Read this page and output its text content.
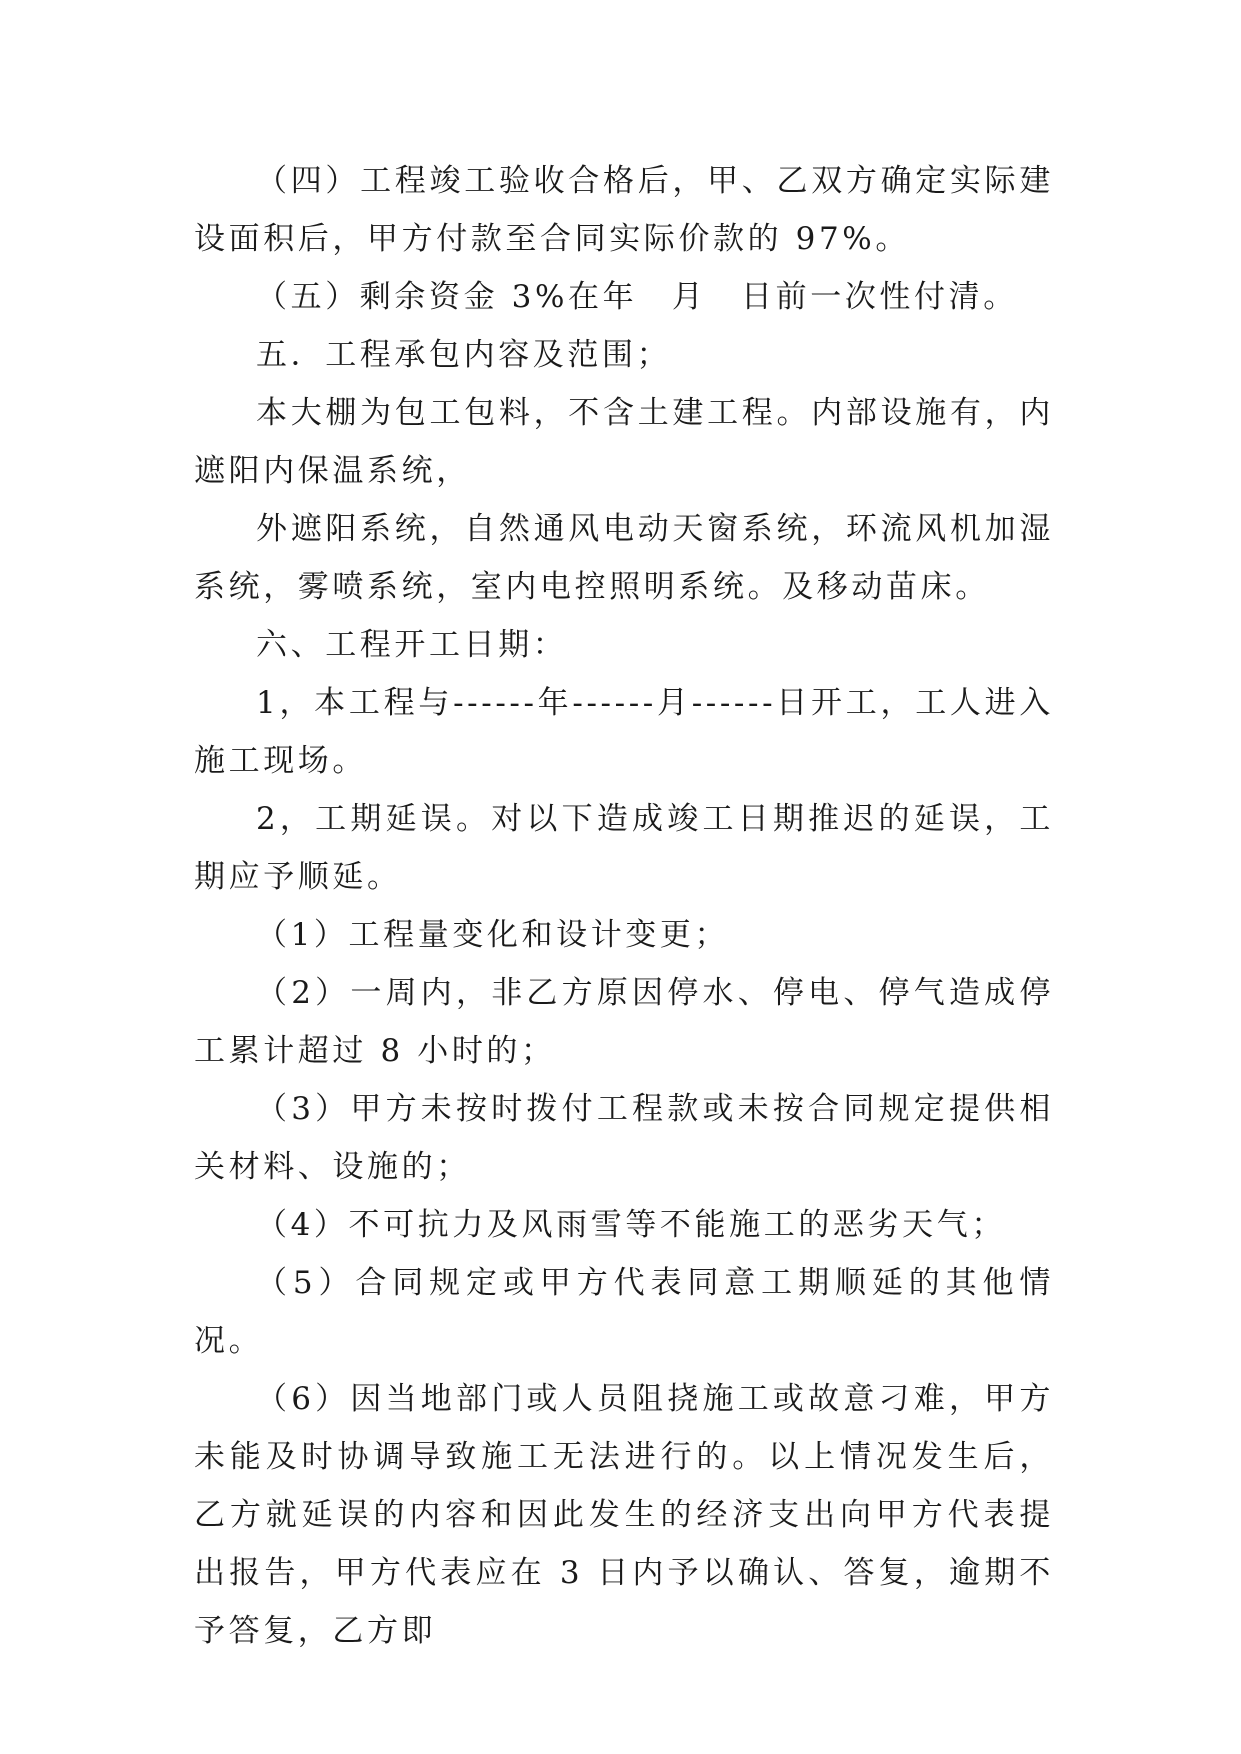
（四）工程竣工验收合格后，甲、乙双方确定实际建设面积后，甲方付款至合同实际价款的 97%。

（五）剩余资金 3%在年　月　日前一次性付清。

五．工程承包内容及范围；

本大棚为包工包料，不含土建工程。内部设施有，内遮阳内保温系统，

外遮阳系统，自然通风电动天窗系统，环流风机加湿系统，雾喷系统，室内电控照明系统。及移动苗床。

六、工程开工日期：

1，本工程与------年------月------日开工，工人进入施工现场。

2，工期延误。对以下造成竣工日期推迟的延误，工期应予顺延。

（1）工程量变化和设计变更；

（2）一周内，非乙方原因停水、停电、停气造成停工累计超过 8 小时的；

（3）甲方未按时拨付工程款或未按合同规定提供相关材料、设施的；

（4）不可抗力及风雨雪等不能施工的恶劣天气；

（5）合同规定或甲方代表同意工期顺延的其他情况。

（6）因当地部门或人员阻挠施工或故意刁难，甲方未能及时协调导致施工无法进行的。以上情况发生后，乙方就延误的内容和因此发生的经济支出向甲方代表提出报告，甲方代表应在 3 日内予以确认、答复，逾期不予答复，乙方即
